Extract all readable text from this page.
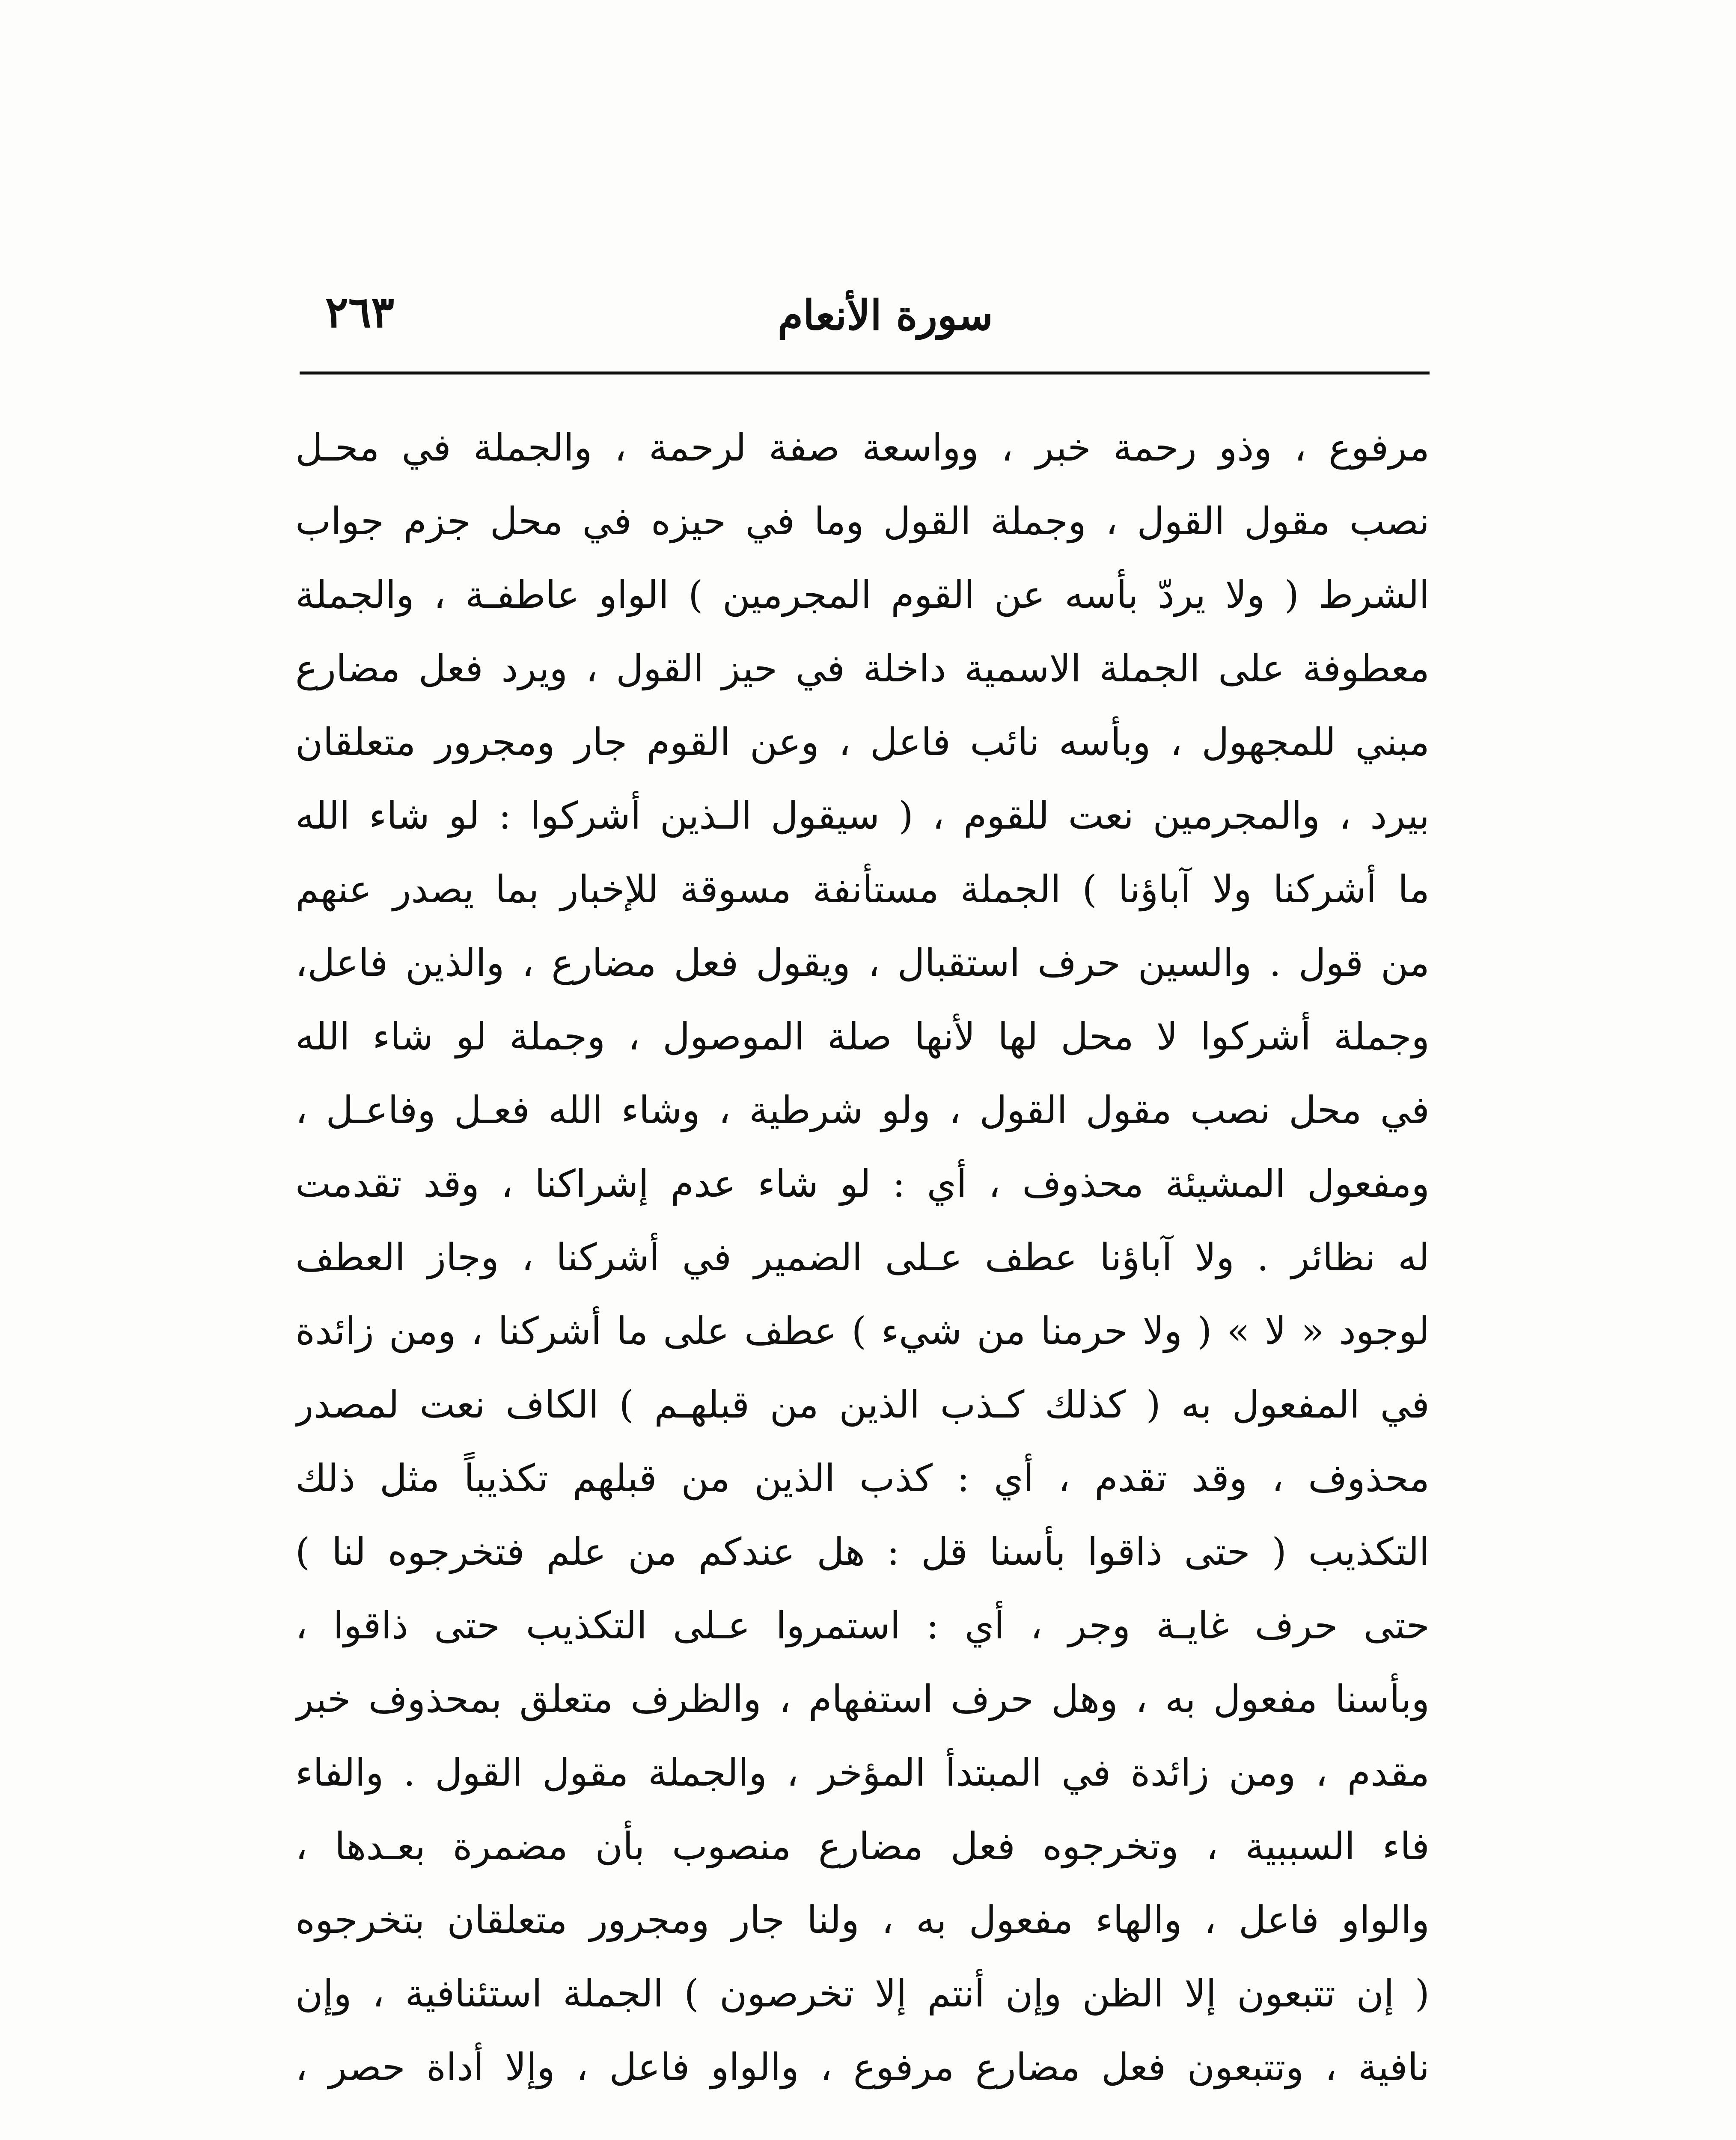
٢٦٣	سورة الأنعام
مرفوع ، وذو رحمة خبر ، وواسعة صفة لرحمة ، والجملة في محـل
نصب مقول القول ، وجملة القول وما في حيزه في محل جزم جواب
الشرط ( ولا يردّ بأسه عن القوم المجرمين ) الواو عاطفـة ، والجملة
معطوفة على الجملة الاسمية داخلة في حيز القول ، ويرد فعل مضارع
مبني للمجهول ، وبأسه نائب فاعل ، وعن القوم جار ومجرور متعلقان
بيرد ، والمجرمين نعت للقوم ، ( سيقول الـذين أشركوا : لو شاء الله
ما أشركنا ولا آباؤنا ) الجملة مستأنفة مسوقة للإخبار بما يصدر عنهم
من قول . والسين حرف استقبال ، ويقول فعل مضارع ، والذين فاعل،
وجملة أشركوا لا محل لها لأنها صلة الموصول ، وجملة لو شاء الله
في محل نصب مقول القول ، ولو شرطية ، وشاء الله فعـل وفاعـل ،
ومفعول المشيئة محذوف ، أي : لو شاء عدم إشراكنا ، وقد تقدمت
له نظائر . ولا آباؤنا عطف عـلى الضمير في أشركنا ، وجاز العطف
لوجود « لا » ( ولا حرمنا من شيء ) عطف على ما أشركنا ، ومن زائدة
في المفعول به ( كذلك كـذب الذين من قبلهـم ) الكاف نعت لمصدر
محذوف ، وقد تقدم ، أي : كذب الذين من قبلهم تكذيباً مثل ذلك
التكذيب ( حتى ذاقوا بأسنا قل : هل عندكم من علم فتخرجوه لنا )
حتى حرف غايـة وجر ، أي : استمروا عـلى التكذيب حتى ذاقوا ،
وبأسنا مفعول به ، وهل حرف استفهام ، والظرف متعلق بمحذوف خبر
مقدم ، ومن زائدة في المبتدأ المؤخر ، والجملة مقول القول . والفاء
فاء السببية ، وتخرجوه فعل مضارع منصوب بأن مضمرة بعـدها ،
والواو فاعل ، والهاء مفعول به ، ولنا جار ومجرور متعلقان بتخرجوه
( إن تتبعون إلا الظن وإن أنتم إلا تخرصون ) الجملة استئنافية ، وإن
نافية ، وتتبعون فعل مضارع مرفوع ، والواو فاعل ، وإلا أداة حصر ،
